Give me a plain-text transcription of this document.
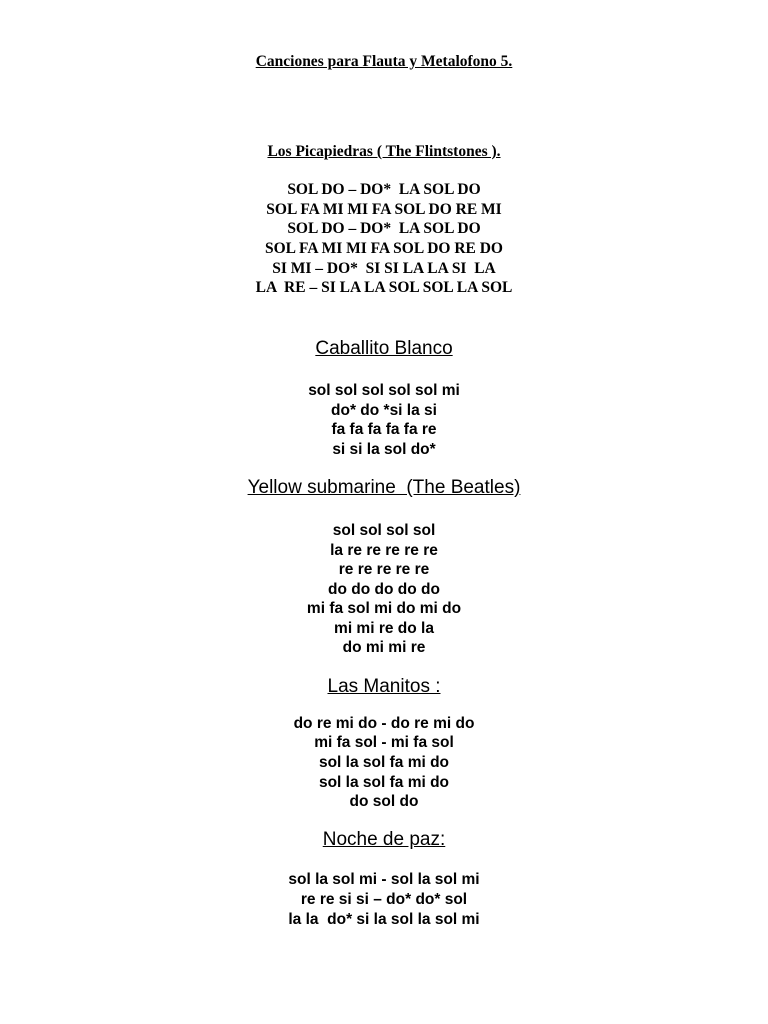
Canciones para Flauta y Metalofono 5.
Los Picapiedras ( The Flintstones ).
SOL DO – DO*  LA SOL DO
SOL FA MI MI FA SOL DO RE MI
SOL DO – DO*  LA SOL DO
SOL FA MI MI FA SOL DO RE DO
SI MI – DO*  SI SI LA LA SI  LA
LA  RE – SI LA LA SOL SOL LA SOL
Caballito Blanco
sol sol sol sol sol mi
do* do *si la si
fa fa fa fa fa re
si si la sol do*
Yellow submarine  (The Beatles)
sol sol sol sol
la re re re re re
re re re re re
do do do do do
mi fa sol mi do mi do
mi mi re do la
do mi mi re
Las Manitos :
do re mi do - do re mi do
mi fa sol - mi fa sol
sol la sol fa mi do
sol la sol fa mi do
do sol do
Noche de paz:
sol la sol mi - sol la sol mi
re re si si – do* do* sol
la la  do* si la sol la sol mi
